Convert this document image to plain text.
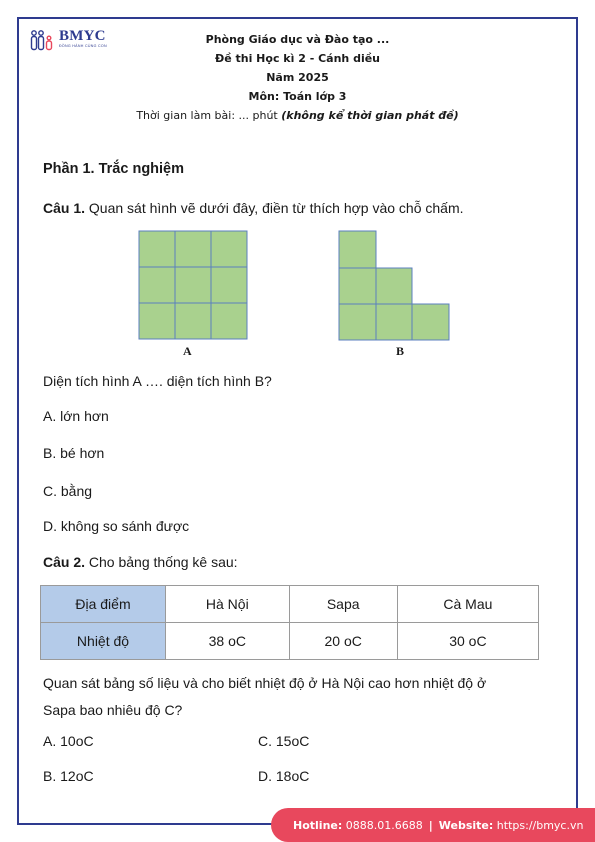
BMYC
ĐỒNG HÀNH CÙNG CON	Phòng Giáo dục và Đào tạo ...
Đề thi Học kì 2 - Cánh diều
Năm 2025
Môn: Toán lớp 3
Thời gian làm bài: ... phút (không kể thời gian phát đề)
Phần 1. Trắc nghiệm
Câu 1. Quan sát hình vẽ dưới đây, điền từ thích hợp vào chỗ chấm.
A	B
Diện tích hình A …. diện tích hình B?
A. lớn hơn
B. bé hơn
C. bằng
D. không so sánh được
Câu 2. Cho bảng thống kê sau:
Địa điểm	Hà Nội	Sapa	Cà Mau
Nhiệt độ	38 oC	20 oC	30 oC
Quan sát bảng số liệu và cho biết nhiệt độ ở Hà Nội cao hơn nhiệt độ ở
Sapa bao nhiêu độ C?
A. 10oC	C. 15oC
B. 12oC	D. 18oC
Hotline:
0888.01.6688 | Website:
https://bmyc.vn
